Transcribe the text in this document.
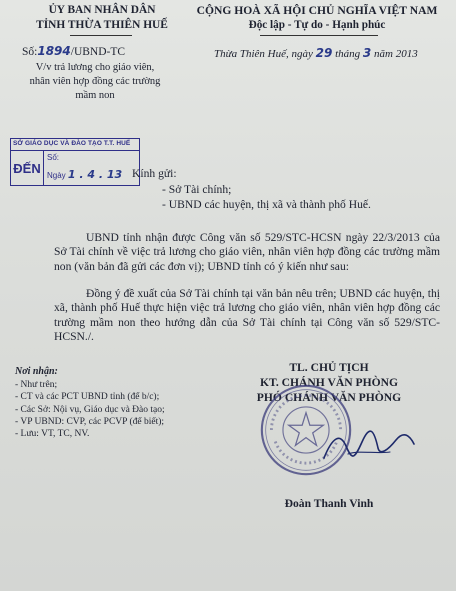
ỦY BAN NHÂN DÂN
TỈNH THỪA THIÊN HUẾ
Số:1894/UBND-TC
V/v trả lương cho giáo viên,
nhân viên hợp đồng các trường
mầm non
CỘNG HOÀ XÃ HỘI CHỦ NGHĨA VIỆT NAM
Độc lập - Tự do - Hạnh phúc
Thừa Thiên Huế, ngày 29 tháng 3 năm 2013
SỞ GIÁO DỤC VÀ ĐÀO TẠO T.T. HUẾ
ĐẾN
Số:
Ngày 1 . 4 . 13 Kính gửi:
- Sở Tài chính;
- UBND các huyện, thị xã và thành phố Huế.
UBND tỉnh nhận được Công văn số 529/STC-HCSN ngày 22/3/2013 của Sở Tài chính về việc trả lương cho giáo viên, nhân viên hợp đồng các trường mầm non (văn bản đã gửi các đơn vị); UBND tỉnh có ý kiến như sau:
Đồng ý đề xuất của Sở Tài chính tại văn bản nêu trên; UBND các huyện, thị xã, thành phố Huế thực hiện việc trả lương cho giáo viên, nhân viên hợp đồng các trường mầm non theo hướng dẫn của Sở Tài chính tại Công văn số 529/STC-HCSN./.
Nơi nhận:
- Như trên;
- CT và các PCT UBND tỉnh (để b/c);
- Các Sở: Nội vụ, Giáo dục và Đào tạo;
- VP UBND: CVP, các PCVP (để biết);
- Lưu: VT, TC, NV.
TL. CHỦ TỊCH
KT. CHÁNH VĂN PHÒNG
PHÓ CHÁNH VĂN PHÒNG
Đoàn Thanh Vinh
